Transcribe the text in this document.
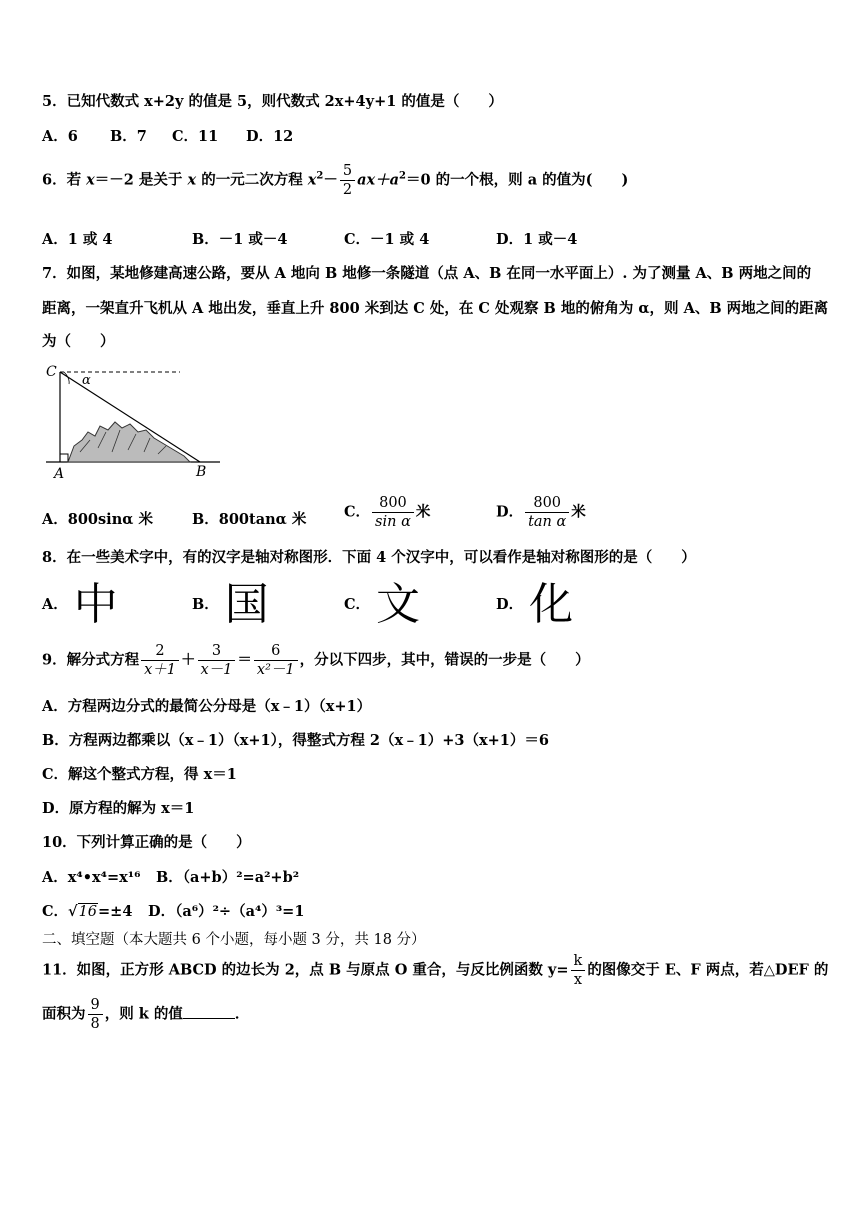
5．已知代数式 x+2y 的值是 5，则代数式 2x+4y+1 的值是（　　）
A．6 B．7 C．11 D．12
6．若 x＝－2 是关于 x 的一元二次方程 $x^2- \frac{5}{2} ax+a^2=0$ 的一个根，则 a 的值为(　　)
A．1 或 4	B．－1 或－4	C．－1 或 4	D．1 或－4
7．如图，某地修建高速公路，要从 A 地向 B 地修一条隧道（点 A、B 在同一水平面上）. 为了测量 A、B 两地之间的
距离，一架直升飞机从 A 地出发，垂直上升 800 米到达 C 处，在 C 处观察 B 地的俯角为 α，则 A、B 两地之间的距离
为（　　）
C
α
A	B
A．800sinα 米	B．800tanα 米	C． $\frac{800}{\text{sin α}}$ 米	D． $\frac{800}{\text{tan α}}$ 米
8．在一些美术字中，有的汉字是轴对称图形．下面 4 个汉字中，可以看作是轴对称图形的是（　　）
A． 中	B． 国	C． 文	D． 化
9．解分式方程 $\frac{2}{x+1} + \frac{3}{x-1} = \frac{6}{\text{x²－1}}$ ，分以下四步，其中，错误的一步是（　　）
A．方程两边分式的最简公分母是（x﹣1）（x+1）
B．方程两边都乘以（x﹣1）（x+1），得整式方程 2（x﹣1）+3（x+1）＝6
C．解这个整式方程，得 x＝1
D．原方程的解为 x＝1
10．下列计算正确的是（　　）
A．x⁴•x⁴=x¹⁶ B．（a+b）²=a²+b²
C．√16=±4 D．（a⁶）²÷（a⁴）³=1
二、填空题（本大题共 6 个小题，每小题 3 分，共 18 分）
11．如图，正方形 ABCD 的边长为 2，点 B 与原点 O 重合，与反比例函数 $y= \frac{k}{x}$ 的图像交于 E、F 两点，若△DEF 的
面积为 $\frac{9}{8}$ ，则 k 的值	．
